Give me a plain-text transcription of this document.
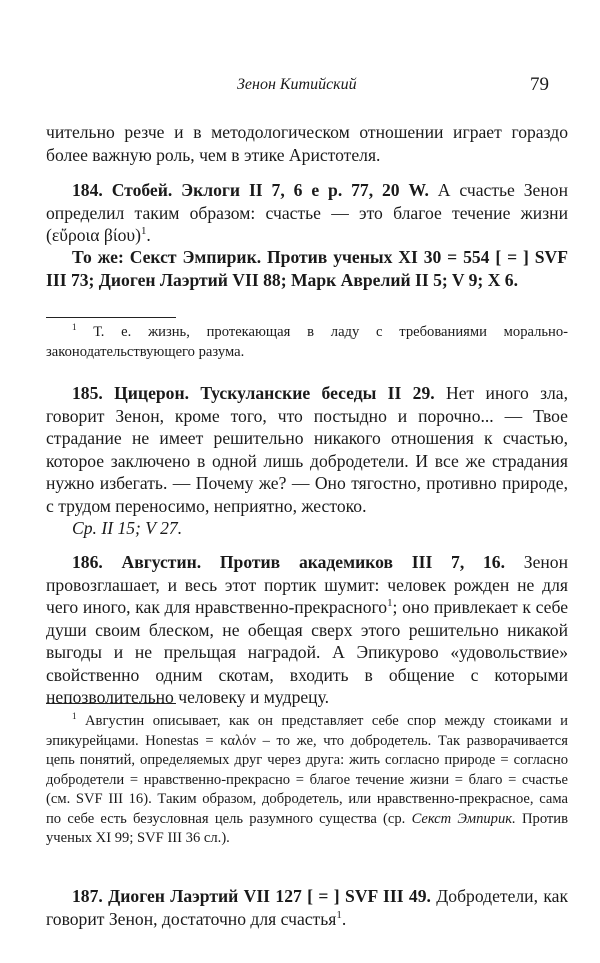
Зенон Китийский	79
чительно резче и в методологическом отношении играет гораздо более важную роль, чем в этике Аристотеля.
184. Стобей. Эклоги II 7, 6 е р. 77, 20 W. А счастье Зенон определил таким образом: счастье — это благое течение жизни (εὔροια βίου)$^1$.
То же: Секст Эмпирик. Против ученых XI 30 = 554 [ = ] SVF III 73; Диоген Лаэртий VII 88; Марк Аврелий II 5; V 9; X 6.
$^1$ Т. е. жизнь, протекающая в ладу с требованиями морально-законодательствующего разума.
185. Цицерон. Тускуланские беседы II 29. Нет иного зла, говорит Зенон, кроме того, что постыдно и порочно... — Твое страдание не имеет решительно никакого отношения к счастью, которое заключено в одной лишь добродетели. И все же страдания нужно избегать. — Почему же? — Оно тягостно, противно природе, с трудом переносимо, неприятно, жестоко.
Ср. II 15; V 27.
186. Августин. Против академиков III 7, 16. Зенон провозглашает, и весь этот портик шумит: человек рожден не для чего иного, как для нравственно-прекрасного$^1$; оно привлекает к себе души своим блеском, не обещая сверх этого решительно никакой выгоды и не прельщая наградой. А Эпикурово «удовольствие» свойственно одним скотам, входить в общение с которыми непозволительно человеку и мудрецу.
$^1$ Августин описывает, как он представляет себе спор между стоиками и эпикурейцами. Honestas = καλόν – то же, что добродетель. Так разворачивается цепь понятий, определяемых друг через друга: жить согласно природе = согласно добродетели = нравственно-прекрасно = благое течение жизни = благо = счастье (см. SVF III 16). Таким образом, добродетель, или нравственно-прекрасное, сама по себе есть безусловная цель разумного существа (ср. Секст Эмпирик. Против ученых XI 99; SVF III 36 сл.).
187. Диоген Лаэртий VII 127 [ = ] SVF III 49. Добродетели, как говорит Зенон, достаточно для счастья$^1$.
